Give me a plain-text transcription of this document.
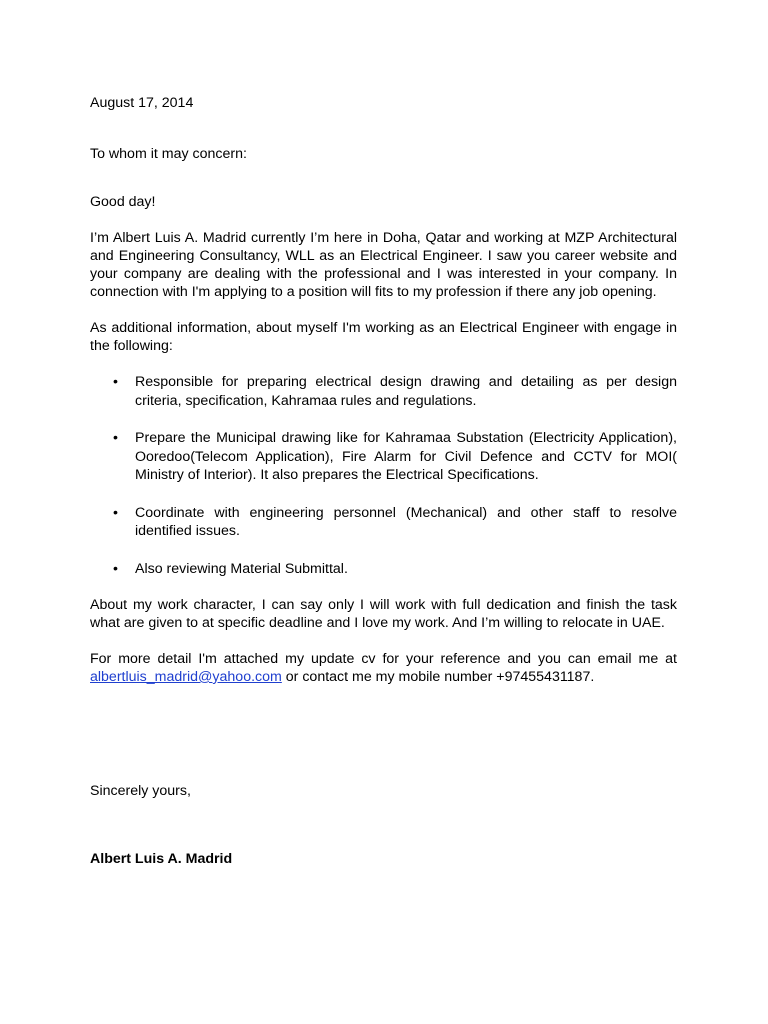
August 17, 2014

To whom it may concern:

Good day!

I’m Albert Luis A. Madrid currently I’m here in Doha, Qatar and working at MZP Architectural and Engineering Consultancy, WLL as an Electrical Engineer. I saw you career website and your company are dealing with the professional and I was interested in your company. In connection with I'm applying to a position will fits to my profession if there any job opening.

As additional information, about myself I'm working as an Electrical Engineer with engage in the following:

• Responsible for preparing electrical design drawing and detailing as per design criteria, specification, Kahramaa rules and regulations.
• Prepare the Municipal drawing like for Kahramaa Substation (Electricity Application), Ooredoo(Telecom Application), Fire Alarm for Civil Defence and CCTV for MOI( Ministry of Interior). It also prepares the Electrical Specifications.
• Coordinate with engineering personnel (Mechanical) and other staff to resolve identified issues.
• Also reviewing Material Submittal.

About my work character, I can say only I will work with full dedication and finish the task what are given to at specific deadline and I love my work. And I’m willing to relocate in UAE.

For more detail I'm attached my update cv for your reference and you can email me at albertluis_madrid@yahoo.com or contact me my mobile number +97455431187.

Sincerely yours,

Albert Luis A. Madrid
